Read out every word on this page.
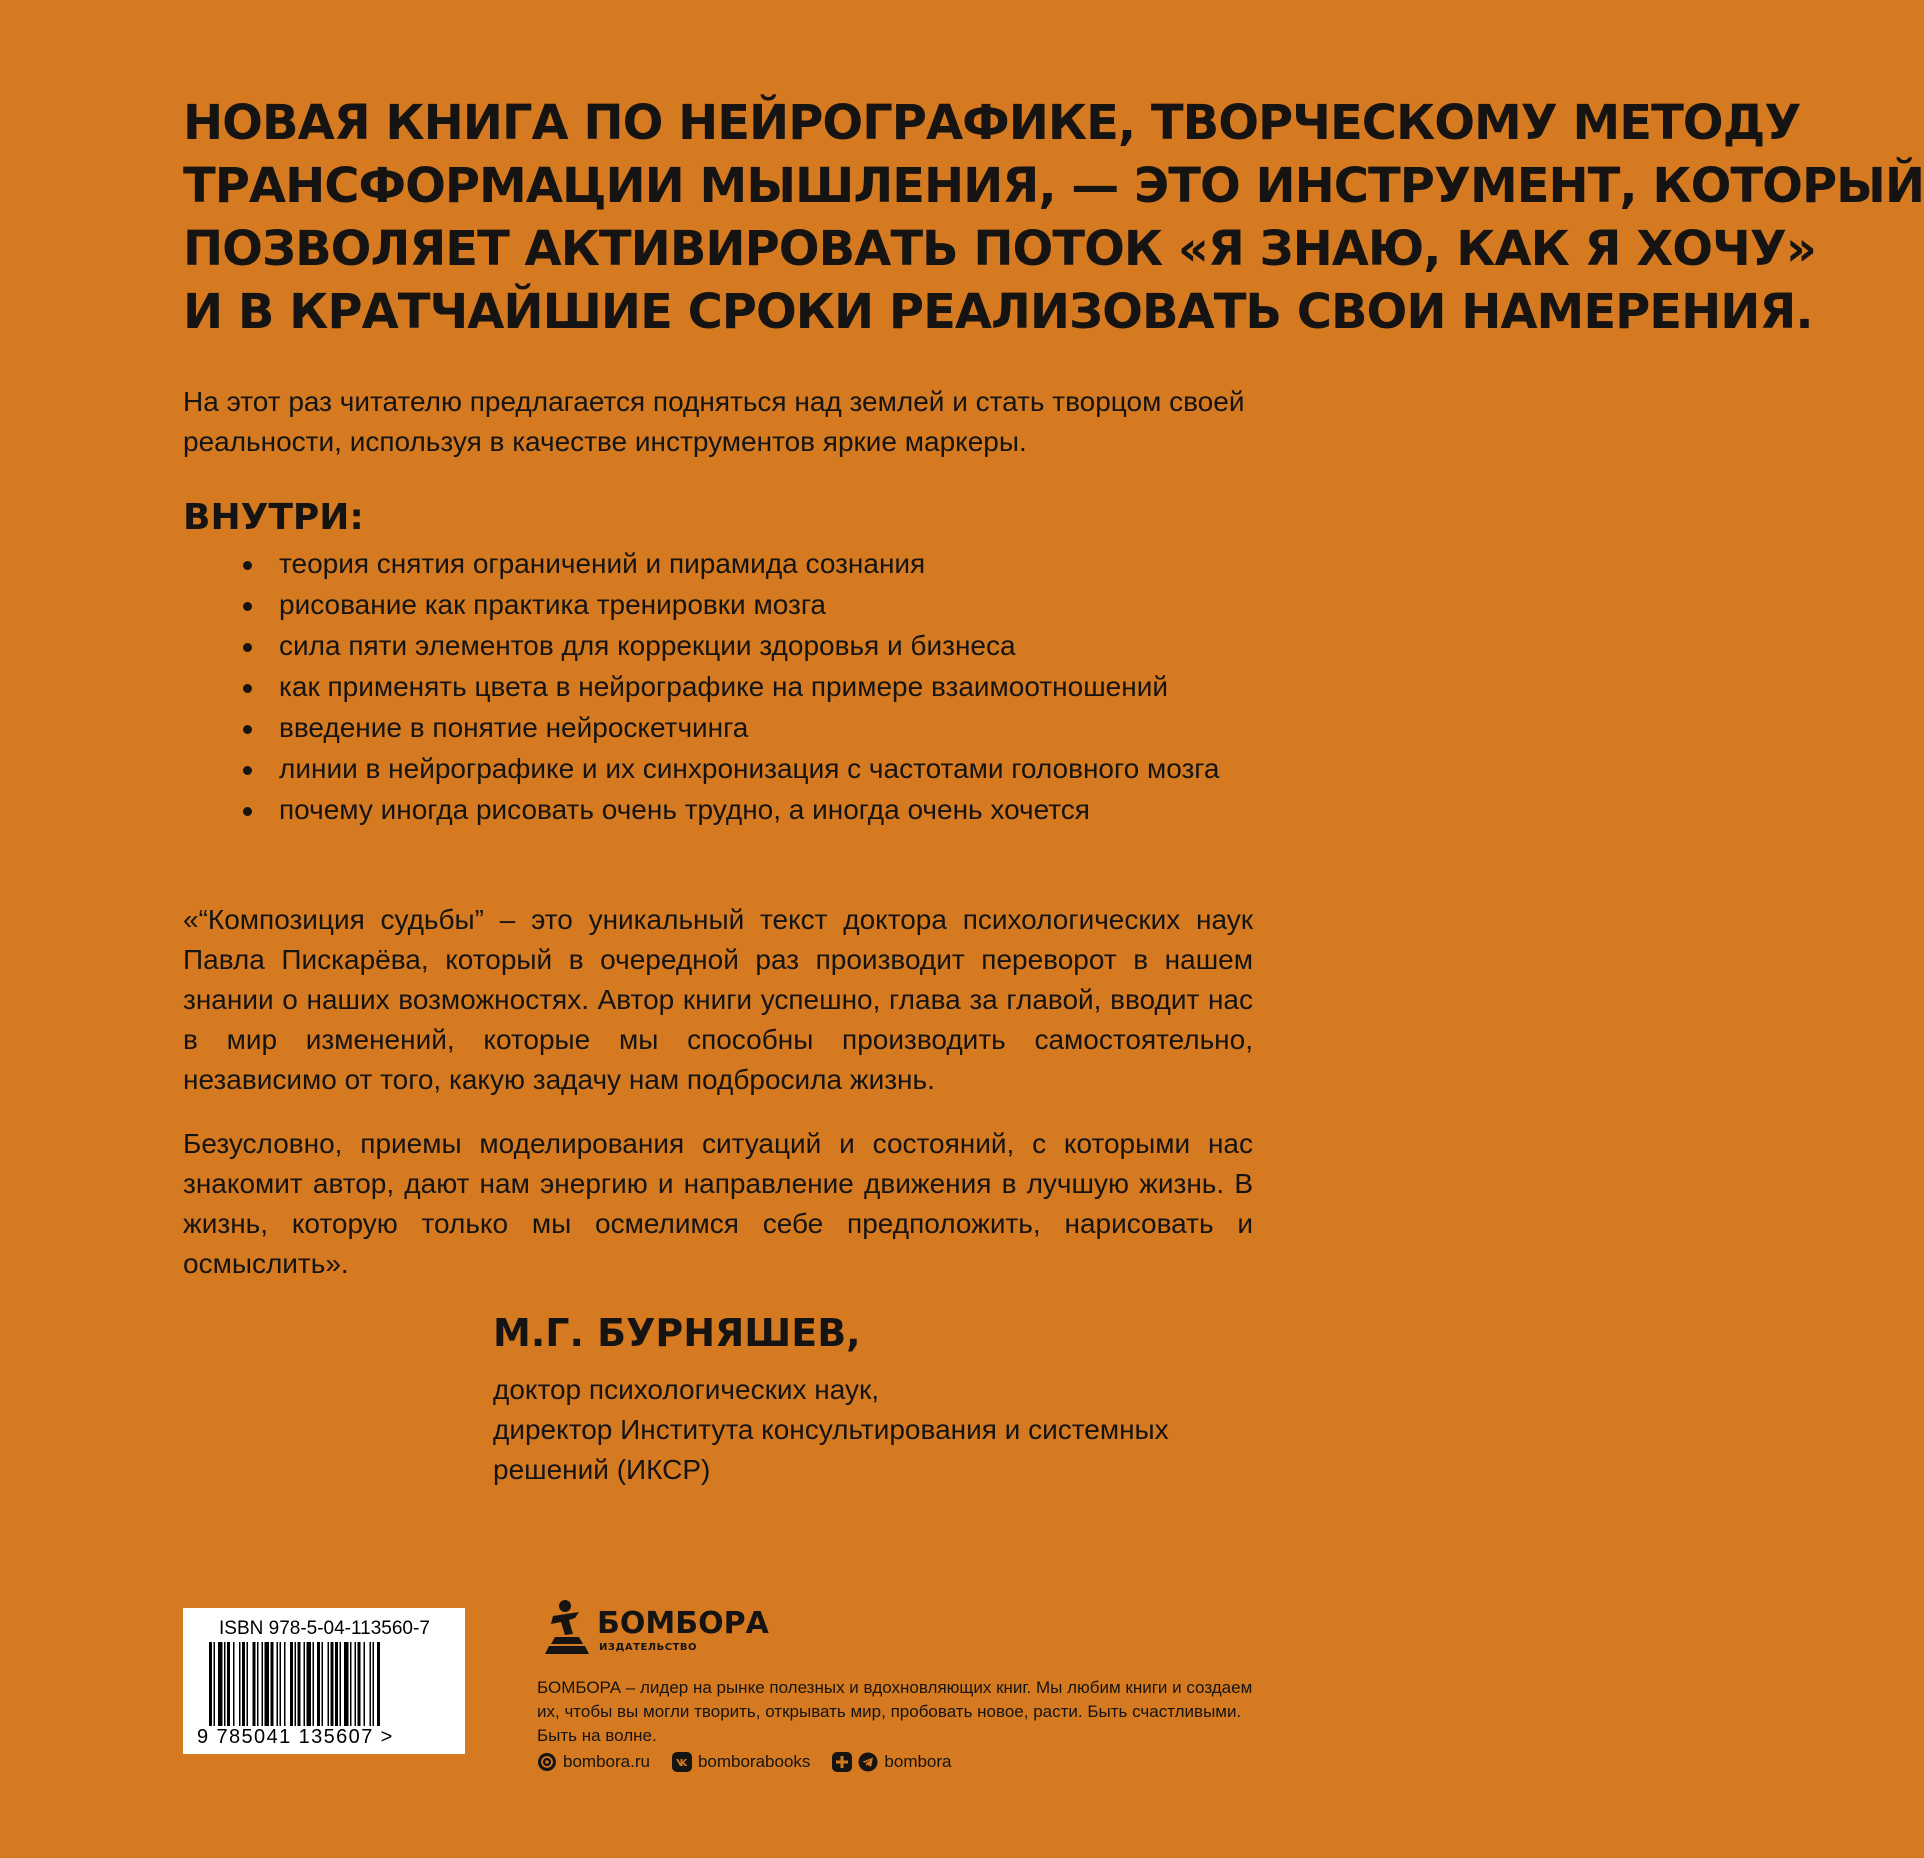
НОВАЯ КНИГА ПО НЕЙРОГРАФИКЕ, ТВОРЧЕСКОМУ МЕТОДУ
ТРАНСФОРМАЦИИ МЫШЛЕНИЯ, — ЭТО ИНСТРУМЕНТ, КОТОРЫЙ
ПОЗВОЛЯЕТ АКТИВИРОВАТЬ ПОТОК «Я ЗНАЮ, КАК Я ХОЧУ»
И В КРАТЧАЙШИЕ СРОКИ РЕАЛИЗОВАТЬ СВОИ НАМЕРЕНИЯ.
На этот раз читателю предлагается подняться над землей и стать творцом своей реальности, используя в качестве инструментов яркие маркеры.
ВНУТРИ:
теория снятия ограничений и пирамида сознания
рисование как практика тренировки мозга
сила пяти элементов для коррекции здоровья и бизнеса
как применять цвета в нейрографике на примере взаимоотношений
введение в понятие нейроскетчинга
линии в нейрографике и их синхронизация с частотами головного мозга
почему иногда рисовать очень трудно, а иногда очень хочется

«“Композиция судьбы” – это уникальный текст доктора психологических наук Павла Пискарёва, который в очередной раз производит переворот в нашем знании о наших возможностях. Автор книги успешно, глава за главой, вводит нас в мир изменений, которые мы способны производить самостоятельно, независимо от того, какую задачу нам подбросила жизнь.

Безусловно, приемы моделирования ситуаций и состояний, с которыми нас знакомит автор, дают нам энергию и направление движения в лучшую жизнь. В жизнь, которую только мы осмелимся себе предположить, нарисовать и осмыслить».

М.Г. БУРНЯШЕВ,
доктор психологических наук,
директор Института консультирования и системных решений (ИКСР)
ISBN 978-5-04-113560-7
9 785041 135607 >
БОМБОРА
ИЗДАТЕЛЬСТВО
БОМБОРА – лидер на рынке полезных и вдохновляющих книг. Мы любим книги и создаем их, чтобы вы могли творить, открывать мир, пробовать новое, расти. Быть счастливыми. Быть на волне.
bombora.ru	bomborabooks	bombora
